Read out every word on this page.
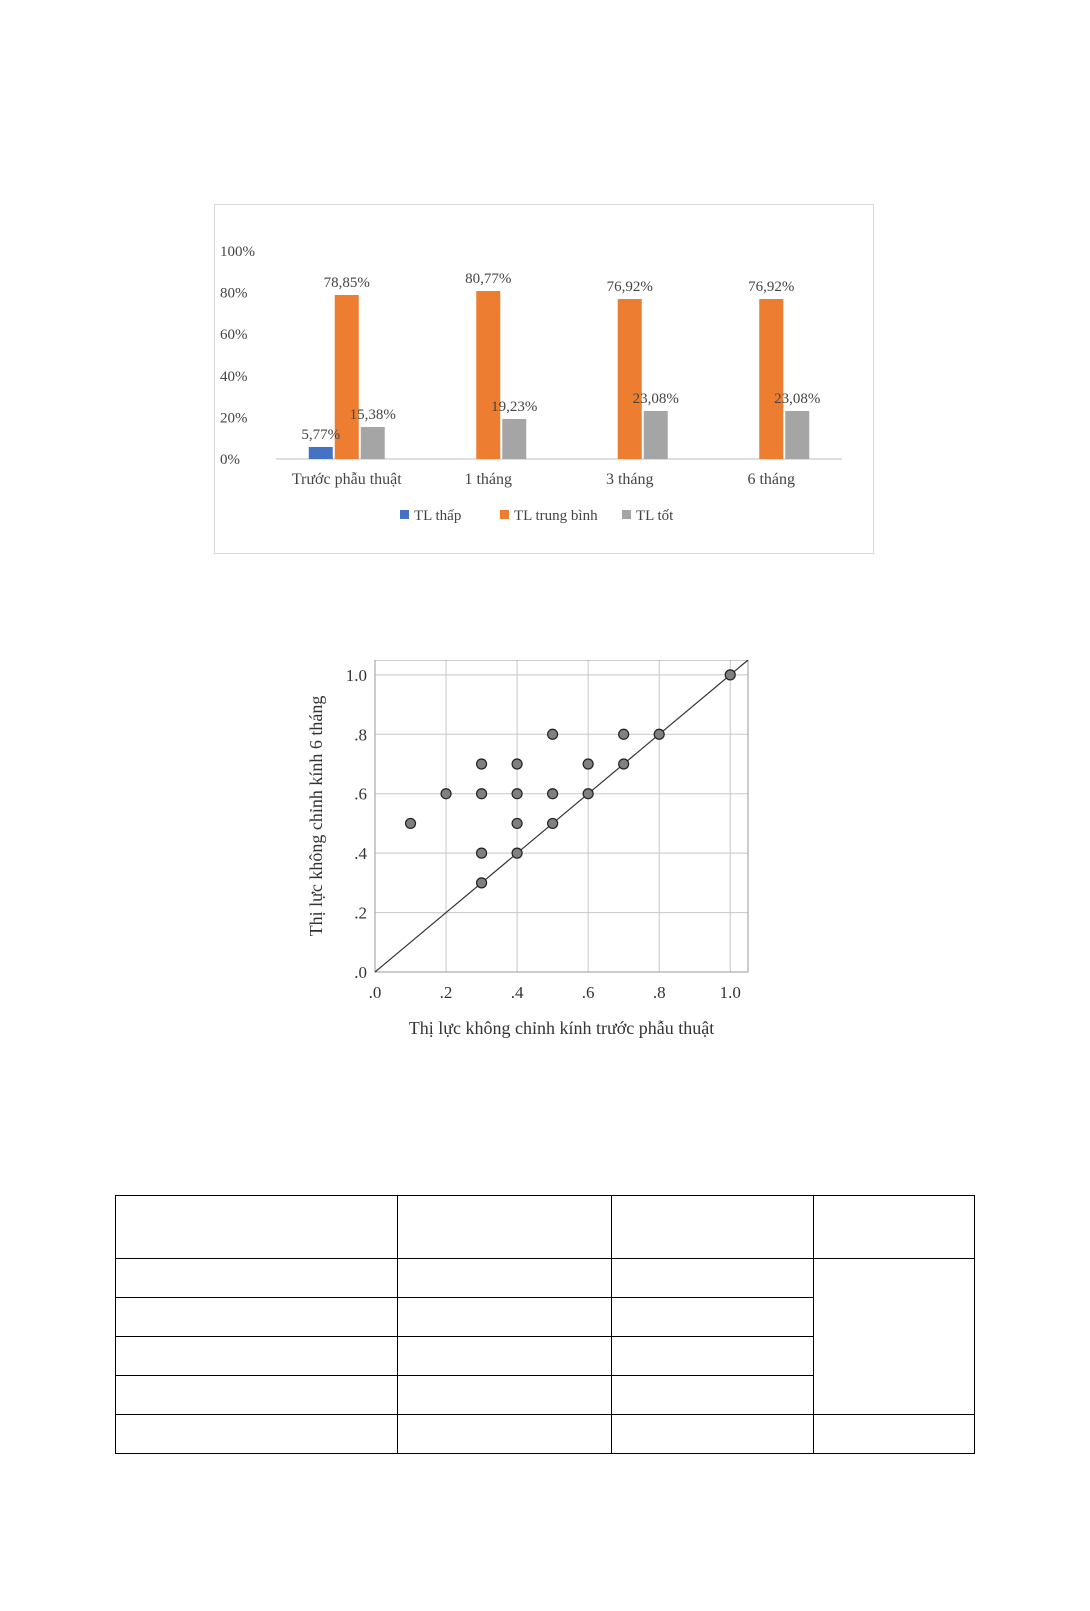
0%
20%
40%
60%
80%
100%
Trước phẫu thuật
5,77%
78,85%
15,38%
1 tháng
80,77%
19,23%
3 tháng
76,92%
23,08%
6 tháng
76,92%
23,08%
TL thấp	TL trung bình	TL tốt
.0
.0
.2
.2
.4
.4
.6
.6
.8
.8
1.0
1.0
Thị lực không chỉnh kính trước phẫu thuật
Thị lực không chỉnh kính 6 tháng
